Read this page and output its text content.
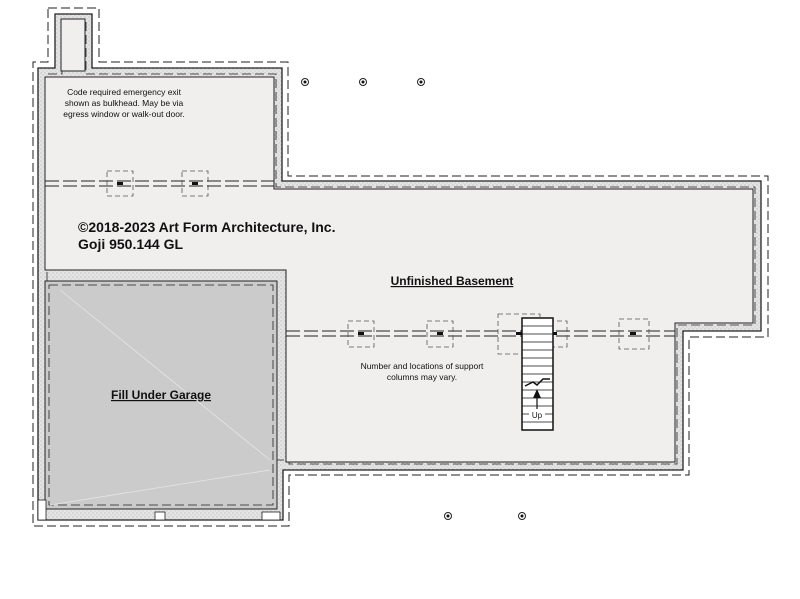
Code required emergency exit
shown as bulkhead. May be via
egress window or walk-out door.
©2018-2023 Art Form Architecture, Inc.
Goji 950.144 GL
Unfinished Basement
Fill Under Garage
Number and locations of support
columns may vary.
Up
